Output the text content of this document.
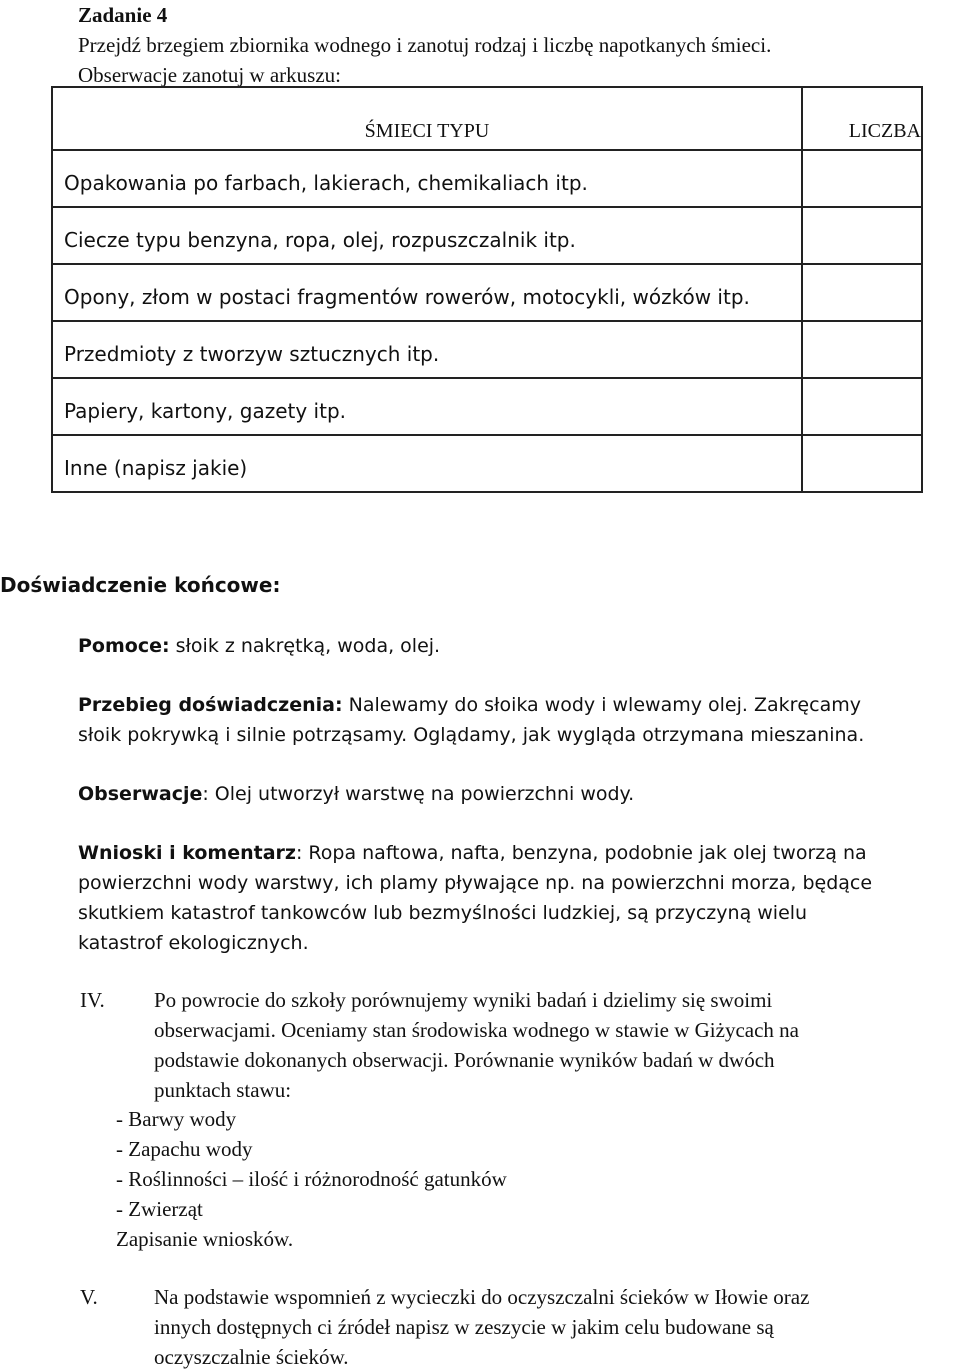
Zadanie 4
Przejdź brzegiem zbiornika wodnego i zanotuj rodzaj i liczbę napotkanych śmieci.
Obserwacje zanotuj w arkuszu:
ŚMIECI TYPU	LICZBA
Opakowania po farbach, lakierach, chemikaliach itp.	
Ciecze typu benzyna, ropa, olej, rozpuszczalnik itp.	
Opony, złom w postaci fragmentów rowerów, motocykli, wózków itp.	
Przedmioty z tworzyw sztucznych itp.	
Papiery, kartony, gazety itp.	
Inne (napisz jakie)	
Doświadczenie końcowe:
Pomoce: słoik z nakrętką, woda, olej.
Przebieg doświadczenia: Nalewamy do słoika wody i wlewamy olej. Zakręcamy
słoik pokrywką i silnie potrząsamy. Oglądamy, jak wygląda otrzymana mieszanina.
Obserwacje: Olej utworzył warstwę na powierzchni wody.
Wnioski i komentarz: Ropa naftowa, nafta, benzyna, podobnie jak olej tworzą na
powierzchni wody warstwy, ich plamy pływające np. na powierzchni morza, będące
skutkiem katastrof tankowców lub bezmyślności ludzkiej, są przyczyną wielu
katastrof ekologicznych.
IV.	Po powrocie do szkoły porównujemy wyniki badań i dzielimy się swoimi
obserwacjami. Oceniamy stan środowiska wodnego w stawie w Giżycach na
podstawie dokonanych obserwacji. Porównanie wyników badań w dwóch
punktach stawu:
- Barwy wody
- Zapachu wody
- Roślinności – ilość i różnorodność gatunków
- Zwierząt
Zapisanie wniosków.
V.	Na podstawie wspomnień z wycieczki do oczyszczalni ścieków w Iłowie oraz
innych dostępnych ci źródeł napisz w zeszycie w jakim celu budowane są
oczyszczalnie ścieków.
